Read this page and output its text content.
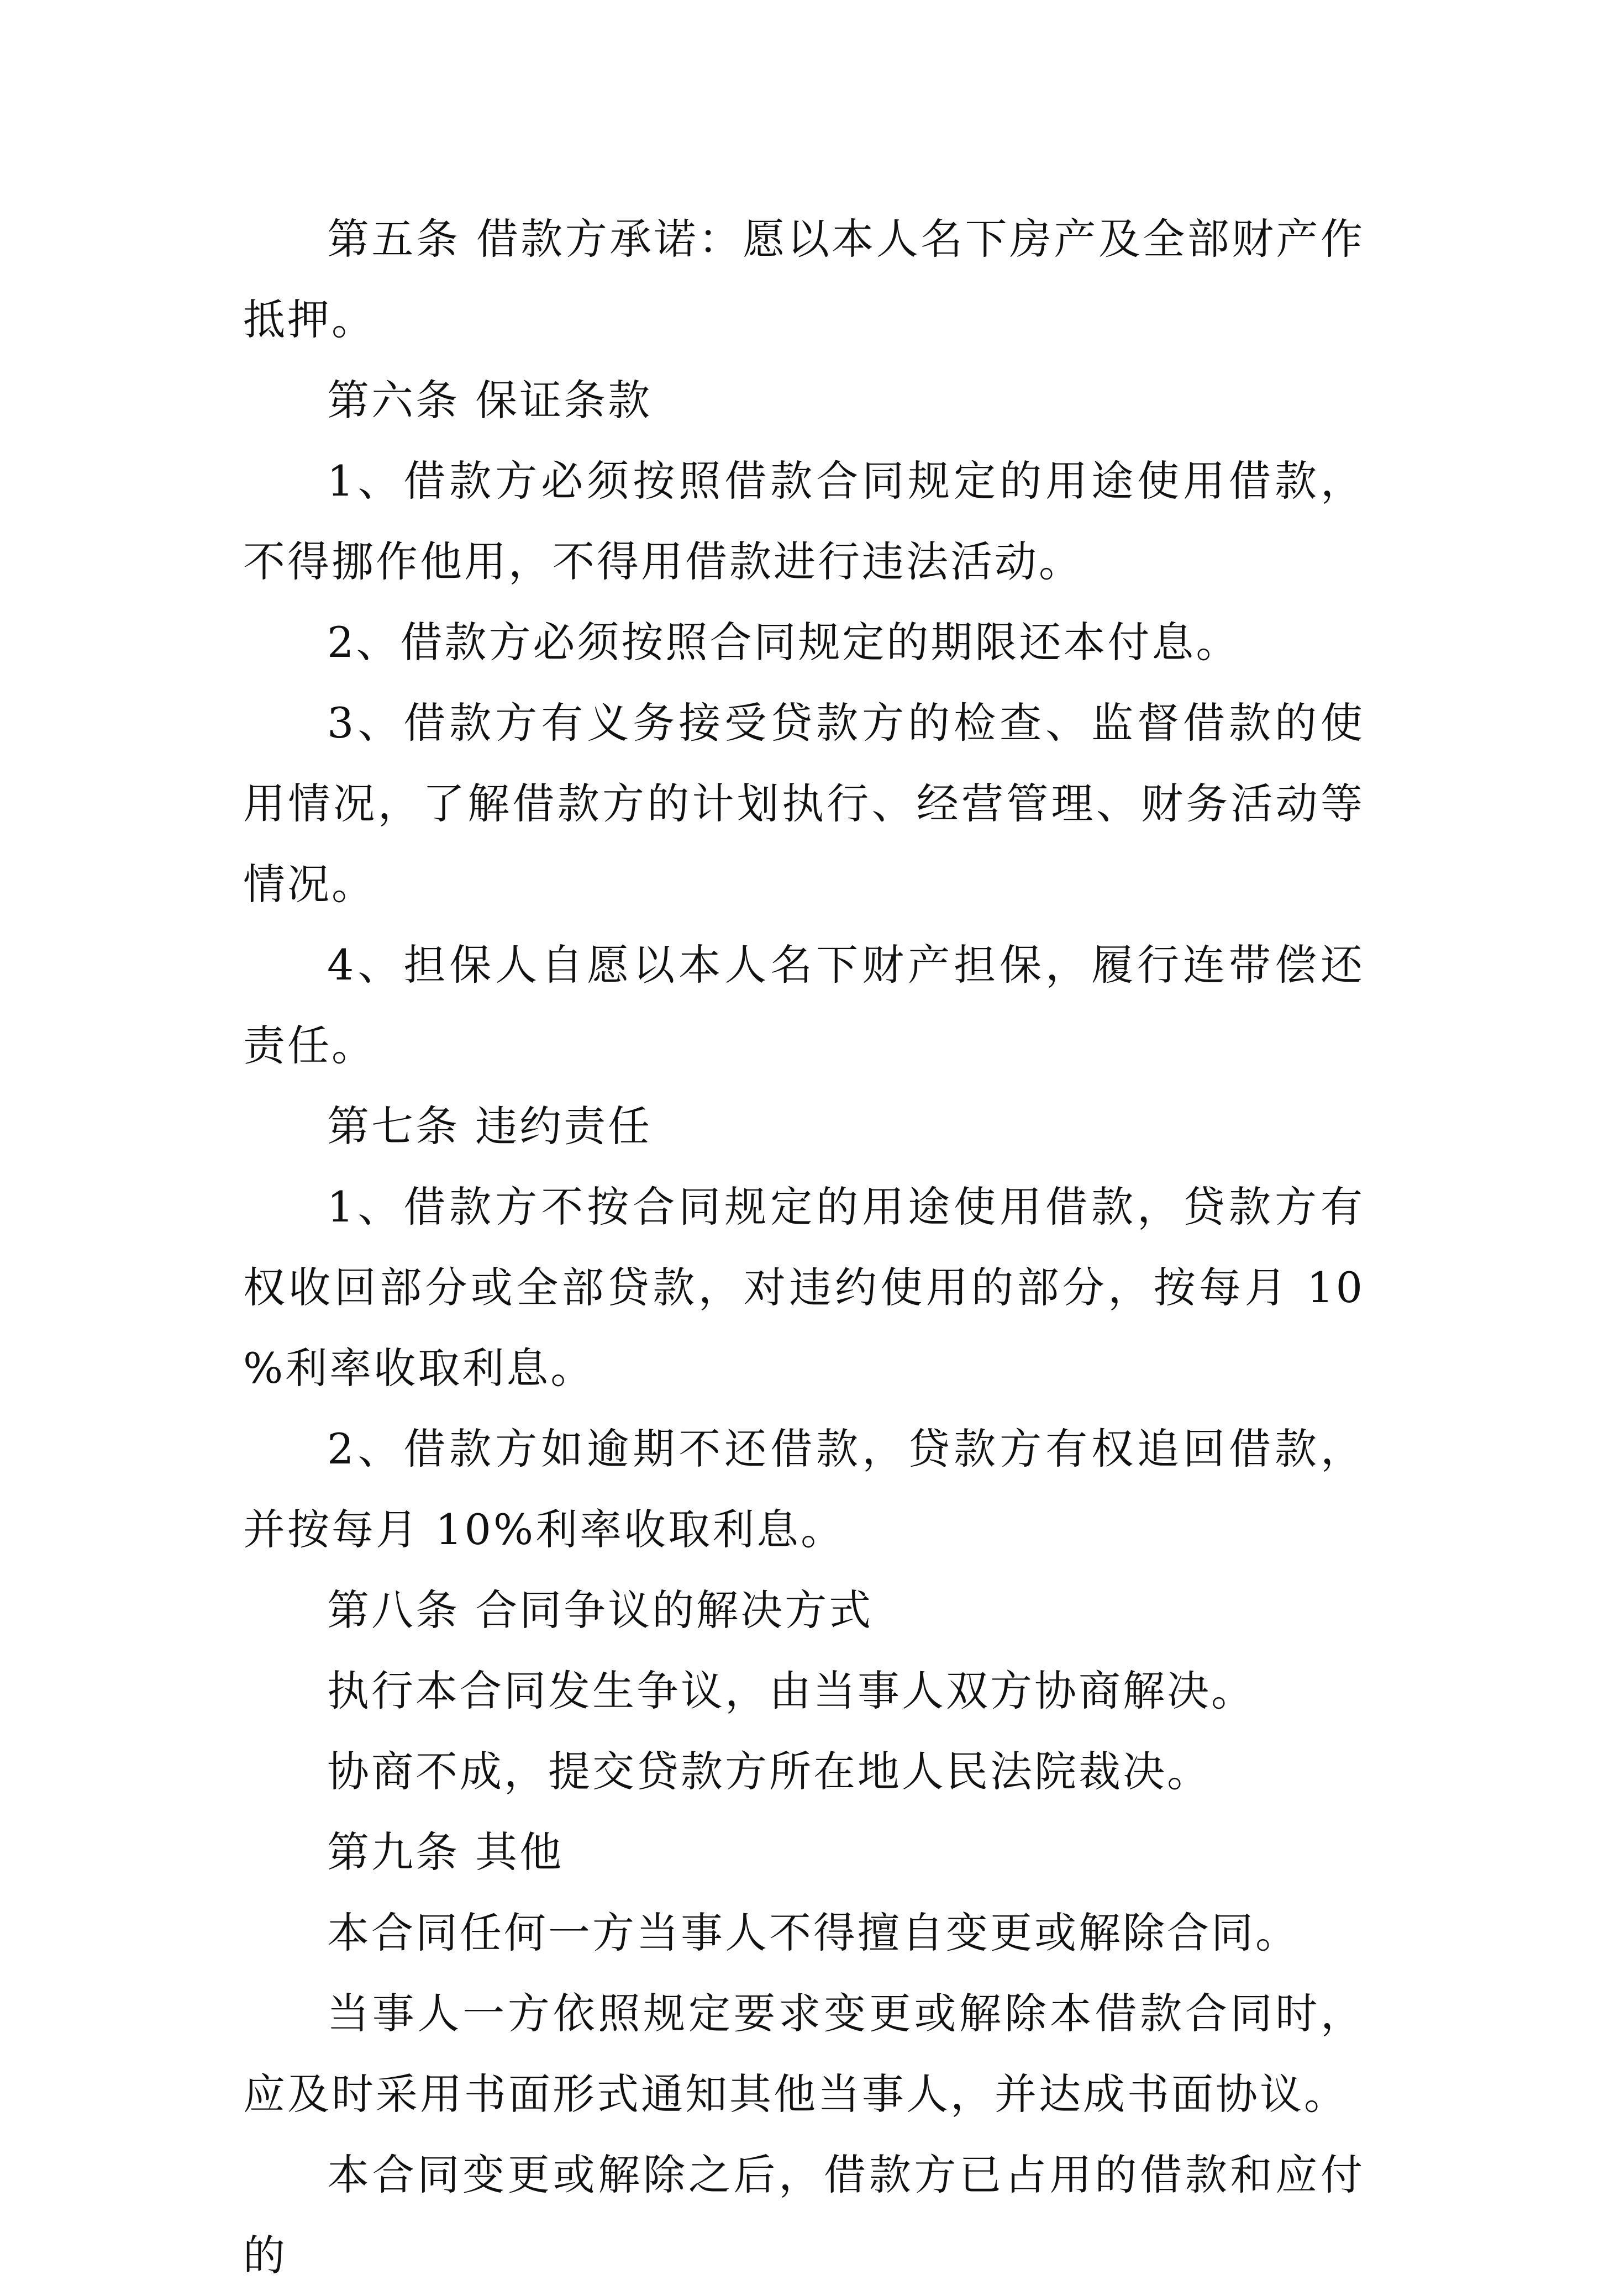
第五条 借款方承诺：愿以本人名下房产及全部财产作抵押。

第六条 保证条款

1、借款方必须按照借款合同规定的用途使用借款，不得挪作他用，不得用借款进行违法活动。

2、借款方必须按照合同规定的期限还本付息。

3、借款方有义务接受贷款方的检查、监督借款的使用情况，了解借款方的计划执行、经营管理、财务活动等情况。

4、担保人自愿以本人名下财产担保，履行连带偿还责任。

第七条 违约责任

1、借款方不按合同规定的用途使用借款，贷款方有权收回部分或全部贷款，对违约使用的部分，按每月 10%利率收取利息。

2、借款方如逾期不还借款，贷款方有权追回借款，并按每月 10%利率收取利息。

第八条 合同争议的解决方式

执行本合同发生争议，由当事人双方协商解决。

协商不成，提交贷款方所在地人民法院裁决。

第九条 其他

本合同任何一方当事人不得擅自变更或解除合同。

当事人一方依照规定要求变更或解除本借款合同时，应及时采用书面形式通知其他当事人，并达成书面协议。

本合同变更或解除之后，借款方已占用的借款和应付的
